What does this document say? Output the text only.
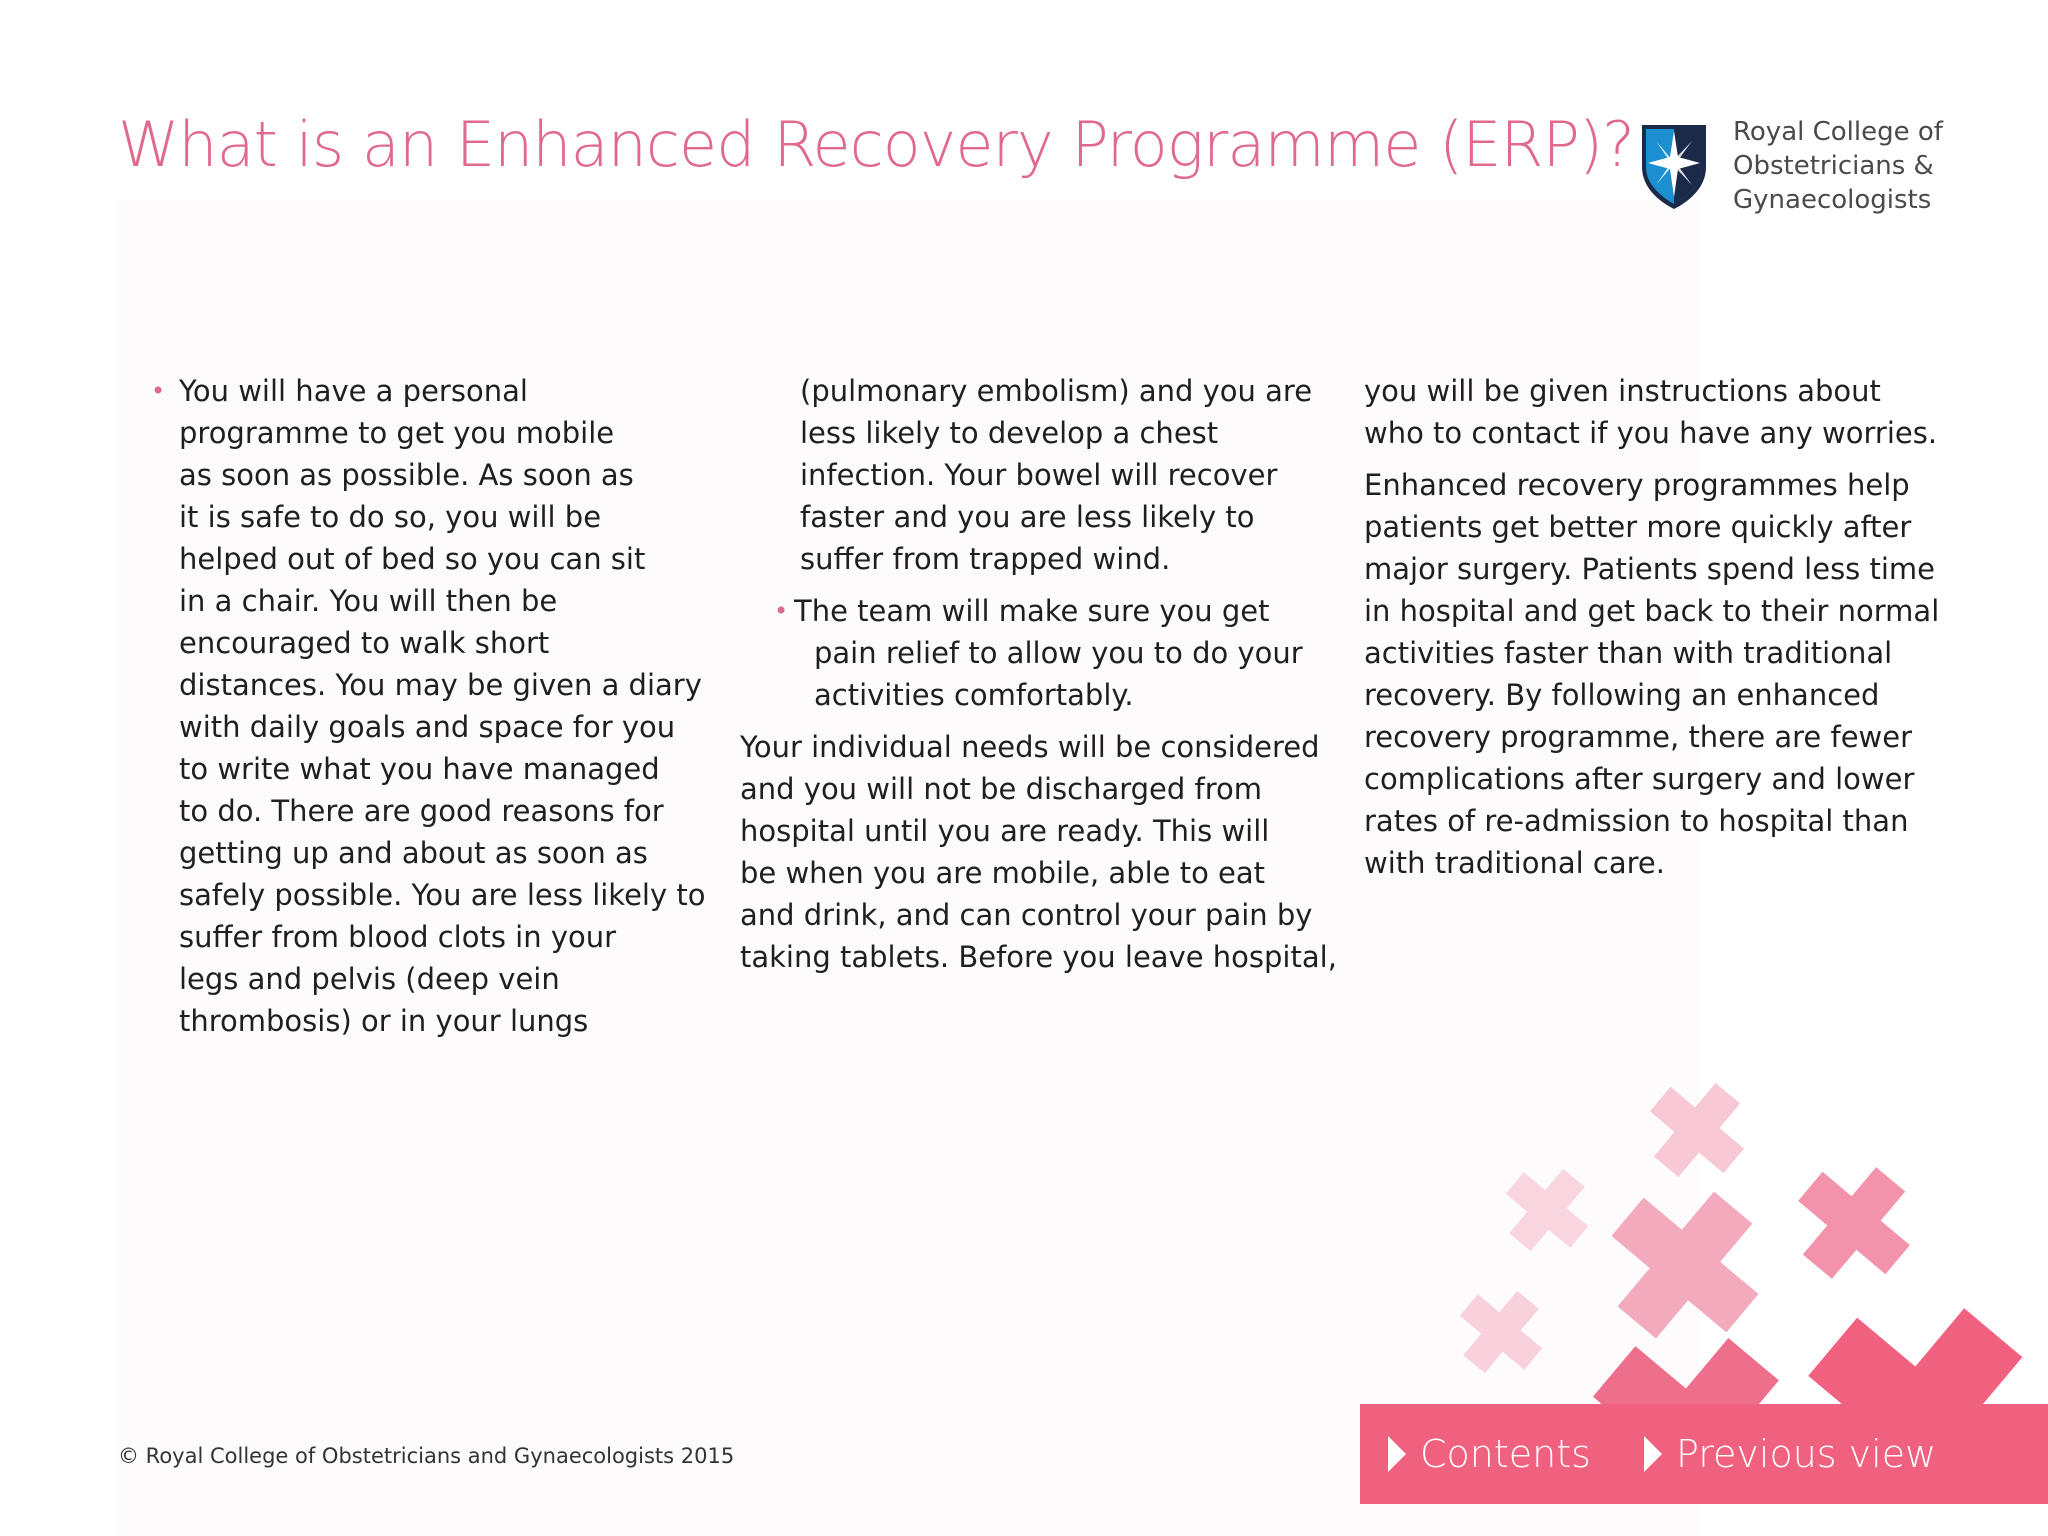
What is an Enhanced Recovery Programme (ERP)?	Royal College of
Obstetricians &
Gynaecologists
• You will have a personal

programme to get you mobile

as soon as possible. As soon as

it is safe to do so, you will be

helped out of bed so you can sit

in a chair. You will then be

encouraged to walk short

distances. You may be given a diary

with daily goals and space for you

to write what you have managed

to do. There are good reasons for

getting up and about as soon as

safely possible. You are less likely to

suffer from blood clots in your

legs and pelvis (deep vein

thrombosis) or in your lungs

(pulmonary embolism) and you are

less likely to develop a chest

infection. Your bowel will recover

faster and you are less likely to

suffer from trapped wind.

• The team will make sure you get

pain relief to allow you to do your

activities comfortably.

Your individual needs will be considered

and you will not be discharged from

hospital until you are ready. This will

be when you are mobile, able to eat

and drink, and can control your pain by

taking tablets. Before you leave hospital,

you will be given instructions about

who to contact if you have any worries.

Enhanced recovery programmes help

patients get better more quickly after

major surgery. Patients spend less time

in hospital and get back to their normal

activities faster than with traditional

recovery. By following an enhanced

recovery programme, there are fewer

complications after surgery and lower

rates of re-admission to hospital than

with traditional care.

Contents Previous view
© Royal College of Obstetricians and Gynaecologists 2015
